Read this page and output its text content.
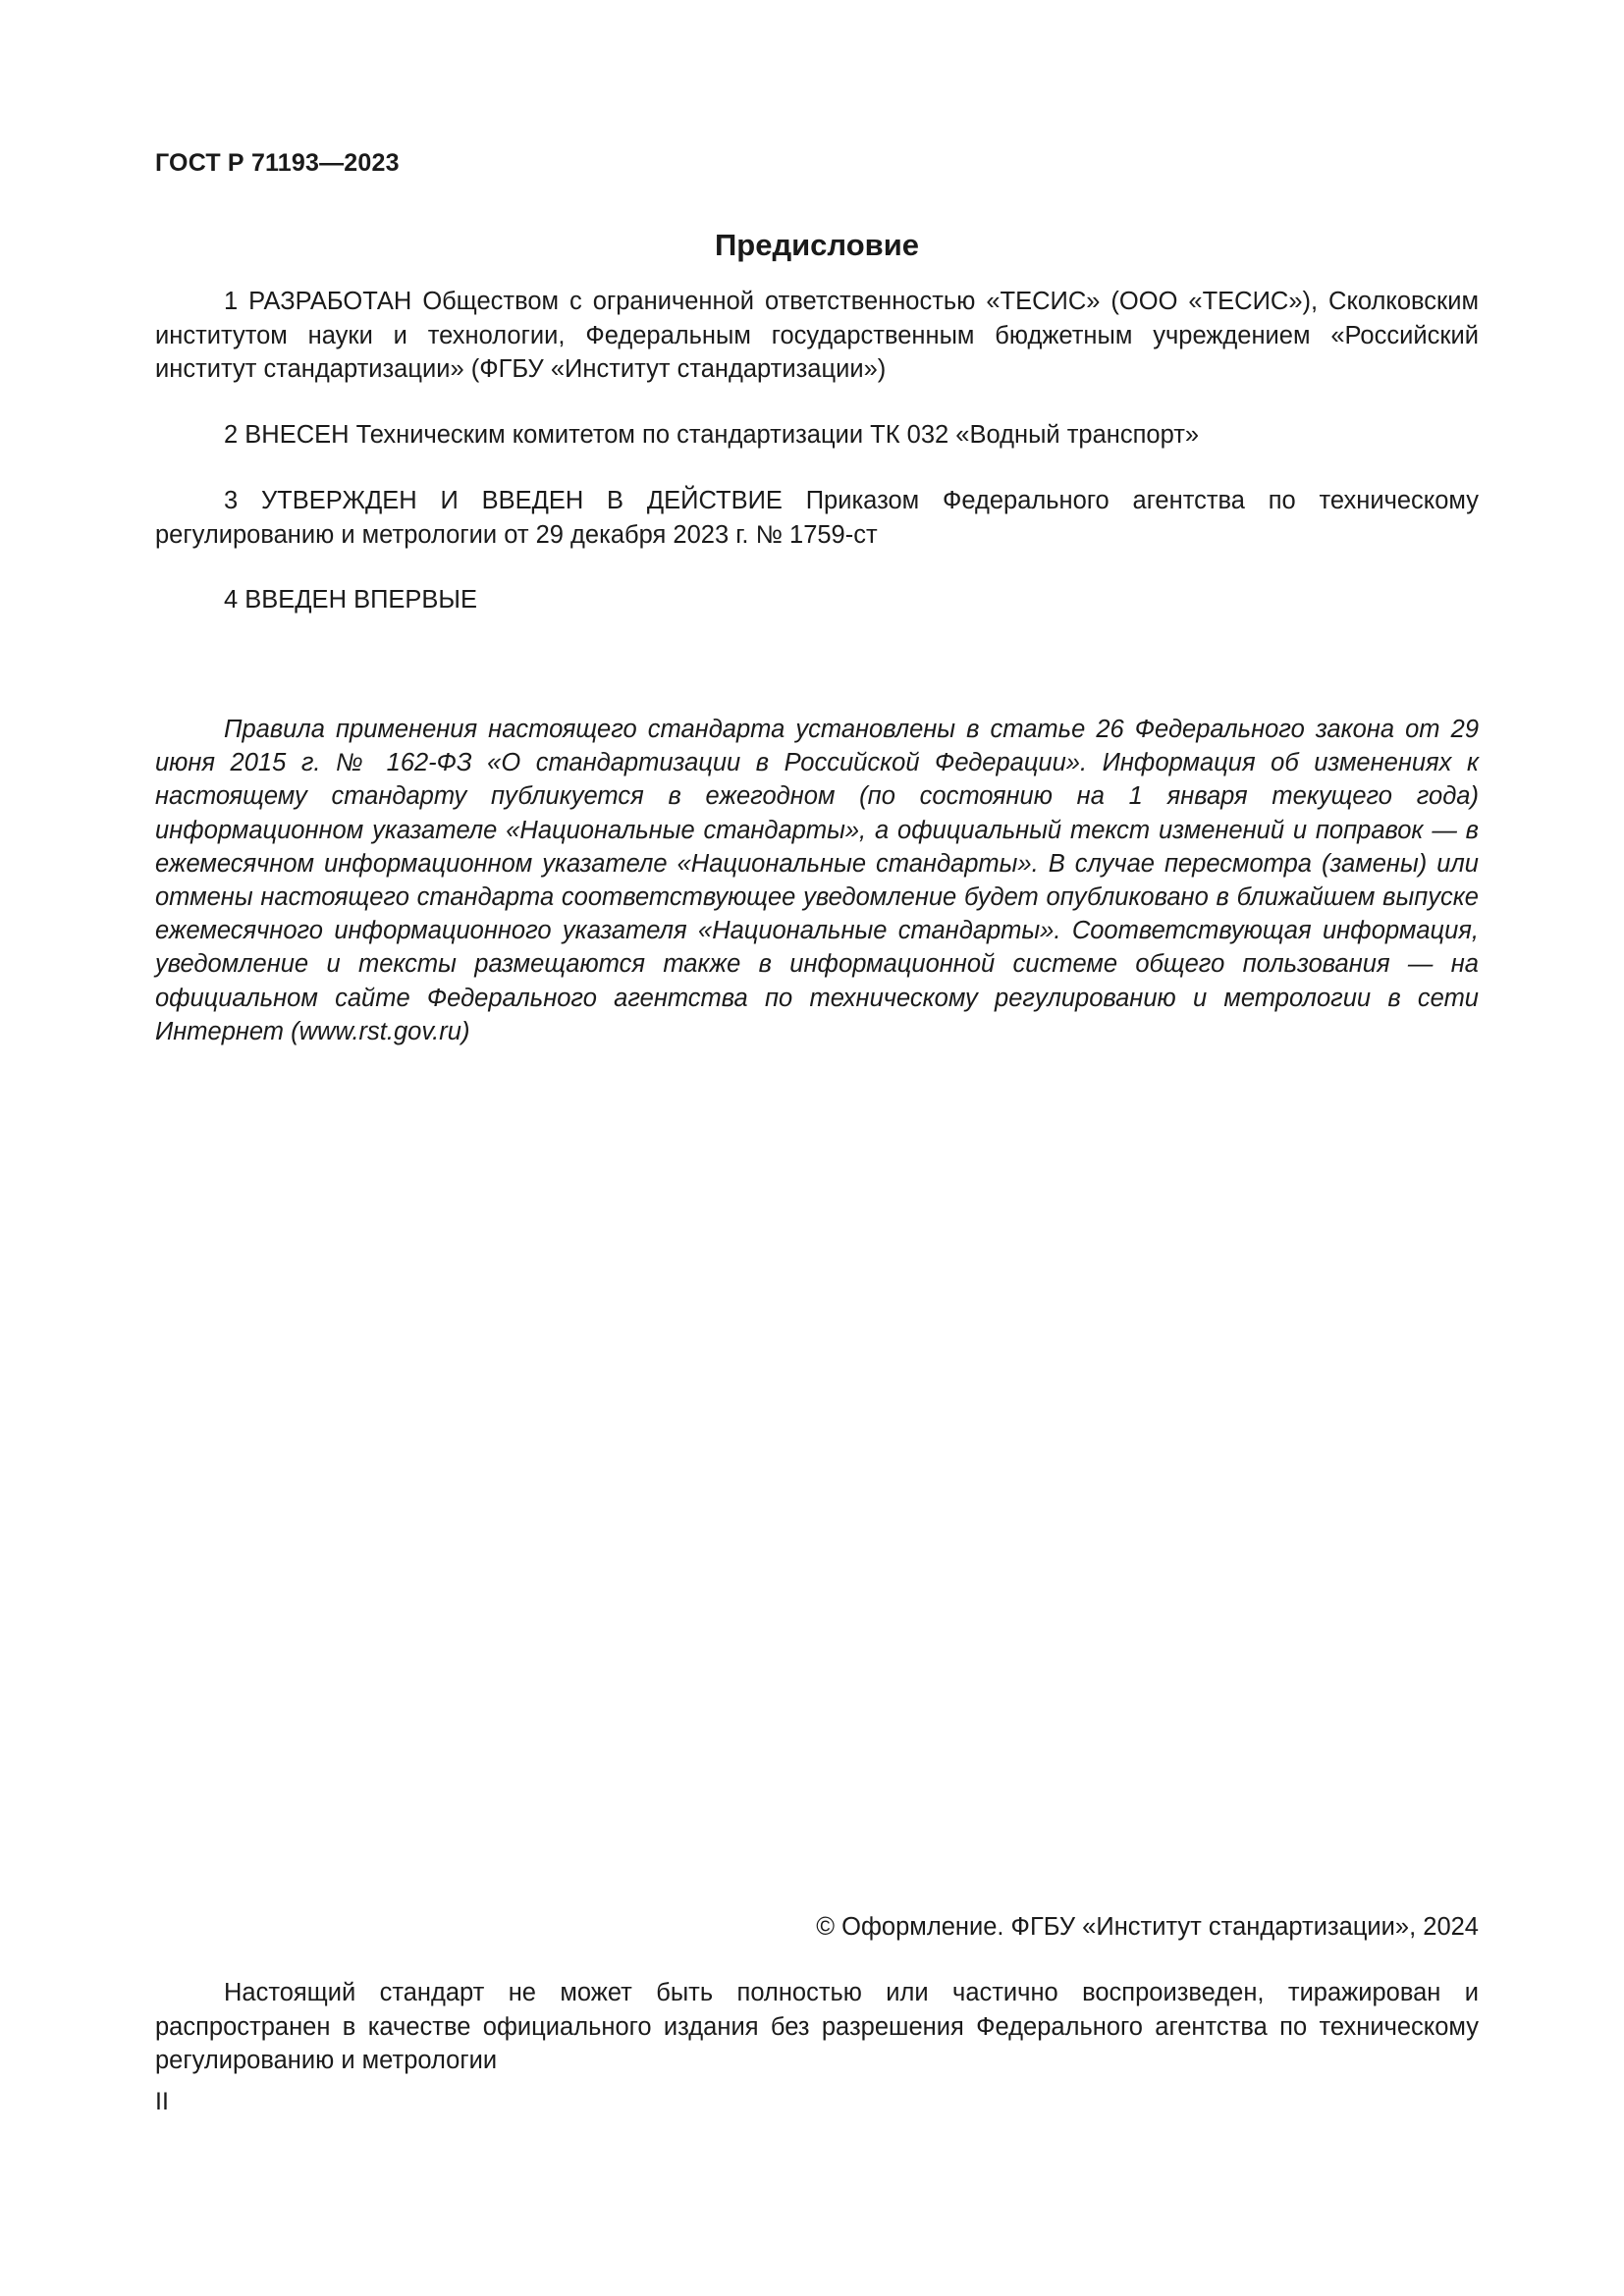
ГОСТ Р 71193—2023
Предисловие

1 РАЗРАБОТАН Обществом с ограниченной ответственностью «ТЕСИС» (ООО «ТЕСИС»), Сколковским институтом науки и технологии, Федеральным государственным бюджетным учреждением «Российский институт стандартизации» (ФГБУ «Институт стандартизации»)

2 ВНЕСЕН Техническим комитетом по стандартизации ТК 032 «Водный транспорт»

3 УТВЕРЖДЕН И ВВЕДЕН В ДЕЙСТВИЕ Приказом Федерального агентства по техническому регулированию и метрологии от 29 декабря 2023 г. № 1759-ст

4 ВВЕДЕН ВПЕРВЫЕ

Правила применения настоящего стандарта установлены в статье 26 Федерального закона от 29 июня 2015 г. № 162-ФЗ «О стандартизации в Российской Федерации». Информация об изменениях к настоящему стандарту публикуется в ежегодном (по состоянию на 1 января текущего года) информационном указателе «Национальные стандарты», а официальный текст изменений и поправок — в ежемесячном информационном указателе «Национальные стандарты». В случае пересмотра (замены) или отмены настоящего стандарта соответствующее уведомление будет опубликовано в ближайшем выпуске ежемесячного информационного указателя «Национальные стандарты». Соответствующая информация, уведомление и тексты размещаются также в информационной системе общего пользования — на официальном сайте Федерального агентства по техническому регулированию и метрологии в сети Интернет (www.rst.gov.ru)

© Оформление. ФГБУ «Институт стандартизации», 2024

Настоящий стандарт не может быть полностью или частично воспроизведен, тиражирован и распространен в качестве официального издания без разрешения Федерального агентства по техническому регулированию и метрологии

II
